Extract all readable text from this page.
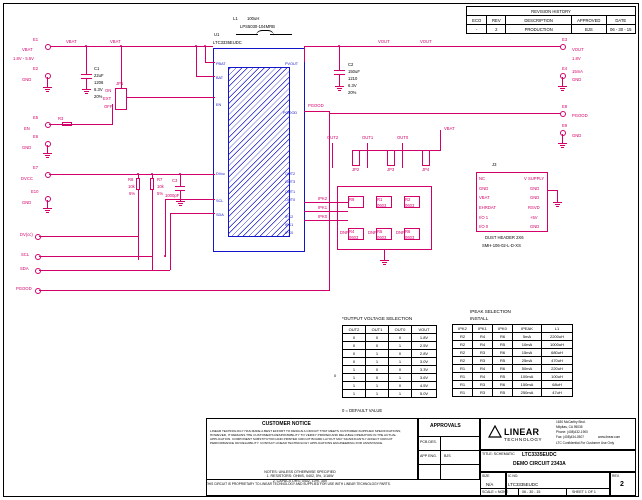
REVISION HISTORY				
ECO	REV	DESCRIPTION	APPROVED	DATE
-	2	PRODUCTION	BJS	06 - 30 - 15
U1
LTC3335EUDC
PBAT
BAT
EN
DVcc
SCL
SDA
PVOUT
PGOOD
OUT2
OUT3
OUT1
OUT0
IPK2
IPK1
IPK0
L1 100uH
LPS5030-104MRB
VBAT	VBAT
E1
VBAT
1.8V - 5.5V
E2
GND
C1
22uF
1206
6.3V
20%
JP1
ON
EXT
OFF
E5
EN
R3
E6
GND
E7
DVCC	R8
10k
5%
R7
10k
5%
C3
1000pF
E10
GND
DV(cc)
SCL
SDA
PGOOD
PGOOD
VOUT	VOUT
C2
150uF
1210
6.3V
20%
E3
VOUT
1.8V
E4
GND
15mA
E8
PGOOD
E9
GND
VBAT
OUT2	OUT1	OUT0
JP2	JP3	JP4
R9	R1
0603
R2
0603
R4
0603
R5
0603
R6
0603
DNP	DNP	DNP
IPK2
IPK1
IPK0
J3
NC
GND
VBAT
EHRDAT
I/O 1
I/O 0
V SUPPLY
GND
GND
RSVD
+5V
GND
DUST HEADER 2X6
SMH-106-02-L-D-XS
*OUTPUT VOLTAGE SELECTION
OUT2	OUT1	OUT0	VOUT
0	0	0	1.8V
0	0	1	2.5V
0	1	0	2.8V
0	1	1	3.0V
1	0	0	3.3V
1	0	1	3.6V
1	1	0	4.5V
1	1	1	5.0V
0
0 = DEFAULT VALUE
IPEAK SELECTION
INSTALL
IPK2	IPK1	IPK0	IPEAK	L1
R2	R4	R6	5mA	2200uH
R2	R4	R5	10mA	1000uH
R2	R3	R6	15mA	680uH
R2	R3	R5	25mA	470uH
R1	R4	R6	50mA	220uH
R1	R4	R5	100mA	100uH
R1	R3	R6	150mA	68uH
R1	R3	R5	250mA	47uH
NOTES: UNLESS OTHERWISE SPECIFIED
1. RESISTORS: OHMS, 0402, 5%, 1/16W
2. CAPACITORS: 0402, 10%, 35V
CUSTOMER NOTICE
LINEAR TECHNOLOGY HAS MADE A BEST EFFORT TO DESIGN A CIRCUIT THAT MEETS CUSTOMER-SUPPLIED SPECIFICATIONS; HOWEVER, IT REMAINS THE CUSTOMER'S RESPONSIBILITY TO VERIFY PROPER AND RELIABLE OPERATION IN THE ACTUAL APPLICATION. COMPONENT SUBSTITUTION AND PRINTED CIRCUIT BOARD LAYOUT MAY SIGNIFICANTLY AFFECT CIRCUIT PERFORMANCE OR RELIABILITY. CONTACT LINEAR TECHNOLOGY APPLICATIONS ENGINEERING FOR ASSISTANCE.
APPROVALS
PCB DES.
APP ENG. BJS
LINEAR
TECHNOLOGY
1630 McCarthy Blvd.
Milpitas, CA 95035
Phone: (408)432-1900
Fax: (408)434-0507	www.linear.com
LTC Confidential-For Customer Use Only
TITLE: SCHEMATIC LTC3335EUDC
DEMO CIRCUIT 2343A
SIZE
N/A
IC NO.
LTC3335EUDC
REV.
2
SCALE = NONE	06 - 30 - 15	SHEET 1 OF 1
THIS CIRCUIT IS PROPRIETARY TO LINEAR TECHNOLOGY AND SUPPLIED FOR USE WITH LINEAR TECHNOLOGY PARTS.
